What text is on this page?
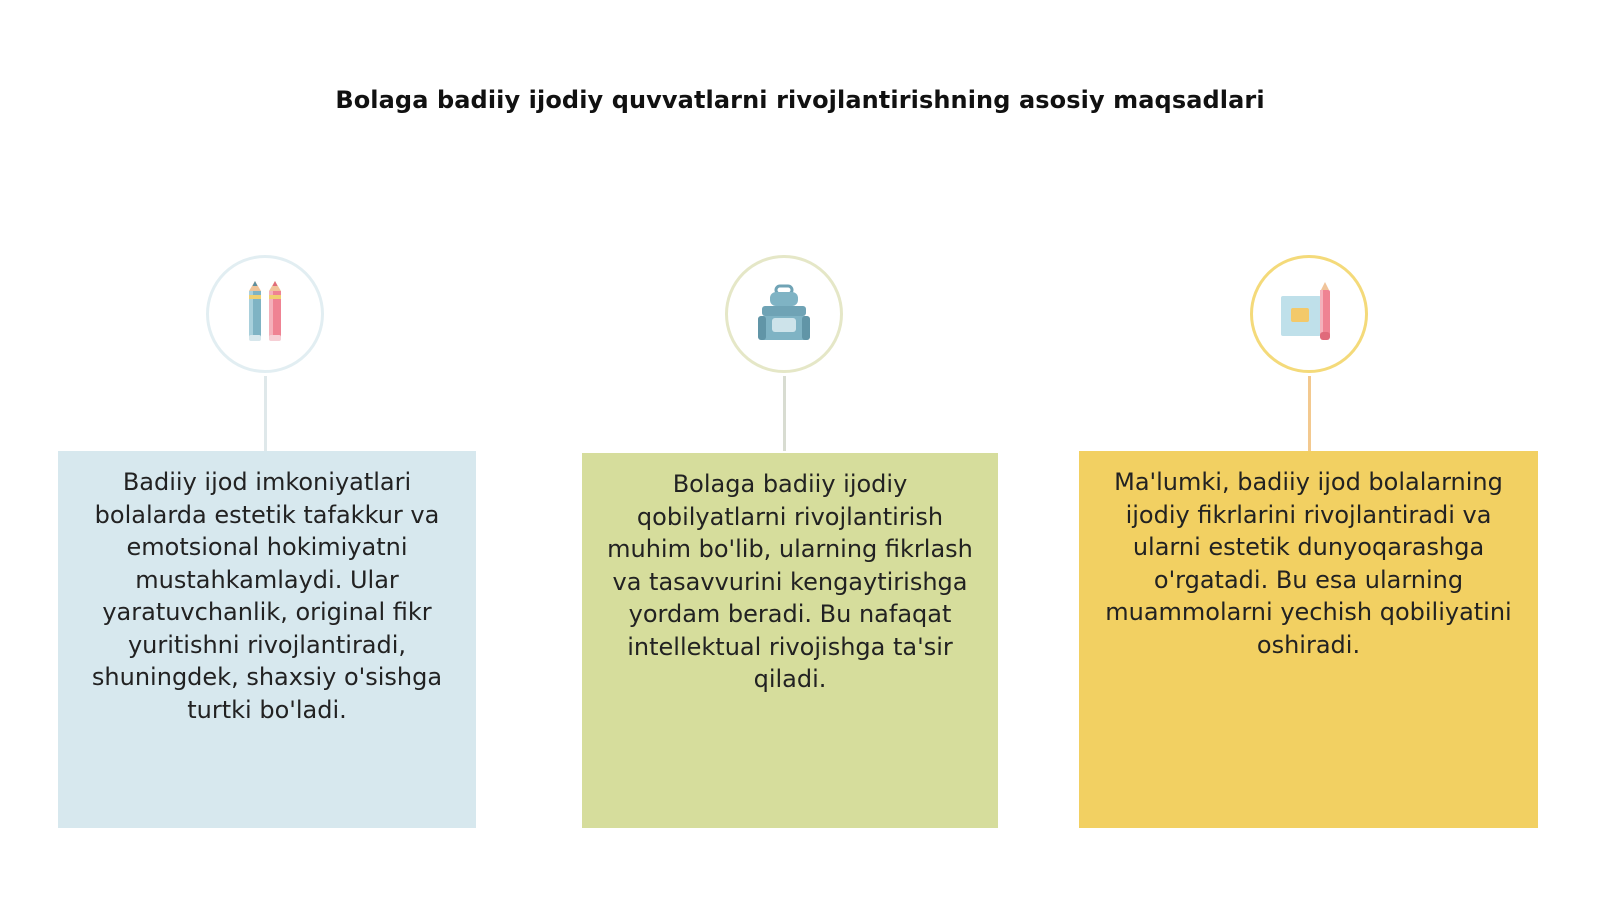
Bolaga badiiy ijodiy quvvatlarni rivojlantirishning asosiy maqsadlari
Badiiy ijod imkoniyatlari bolalarda estetik tafakkur va emotsional hokimiyatni mustahkamlaydi. Ular yaratuvchanlik, original fikr yuritishni rivojlantiradi, shuningdek, shaxsiy o'sishga turtki bo'ladi.
Bolaga badiiy ijodiy qobilyatlarni rivojlantirish muhim bo'lib, ularning fikrlash va tasavvurini kengaytirishga yordam beradi. Bu nafaqat intellektual rivojishga ta'sir qiladi.
Ma'lumki, badiiy ijod bolalarning ijodiy fikrlarini rivojlantiradi va ularni estetik dunyoqarashga o'rgatadi. Bu esa ularning muammolarni yechish qobiliyatini oshiradi.
